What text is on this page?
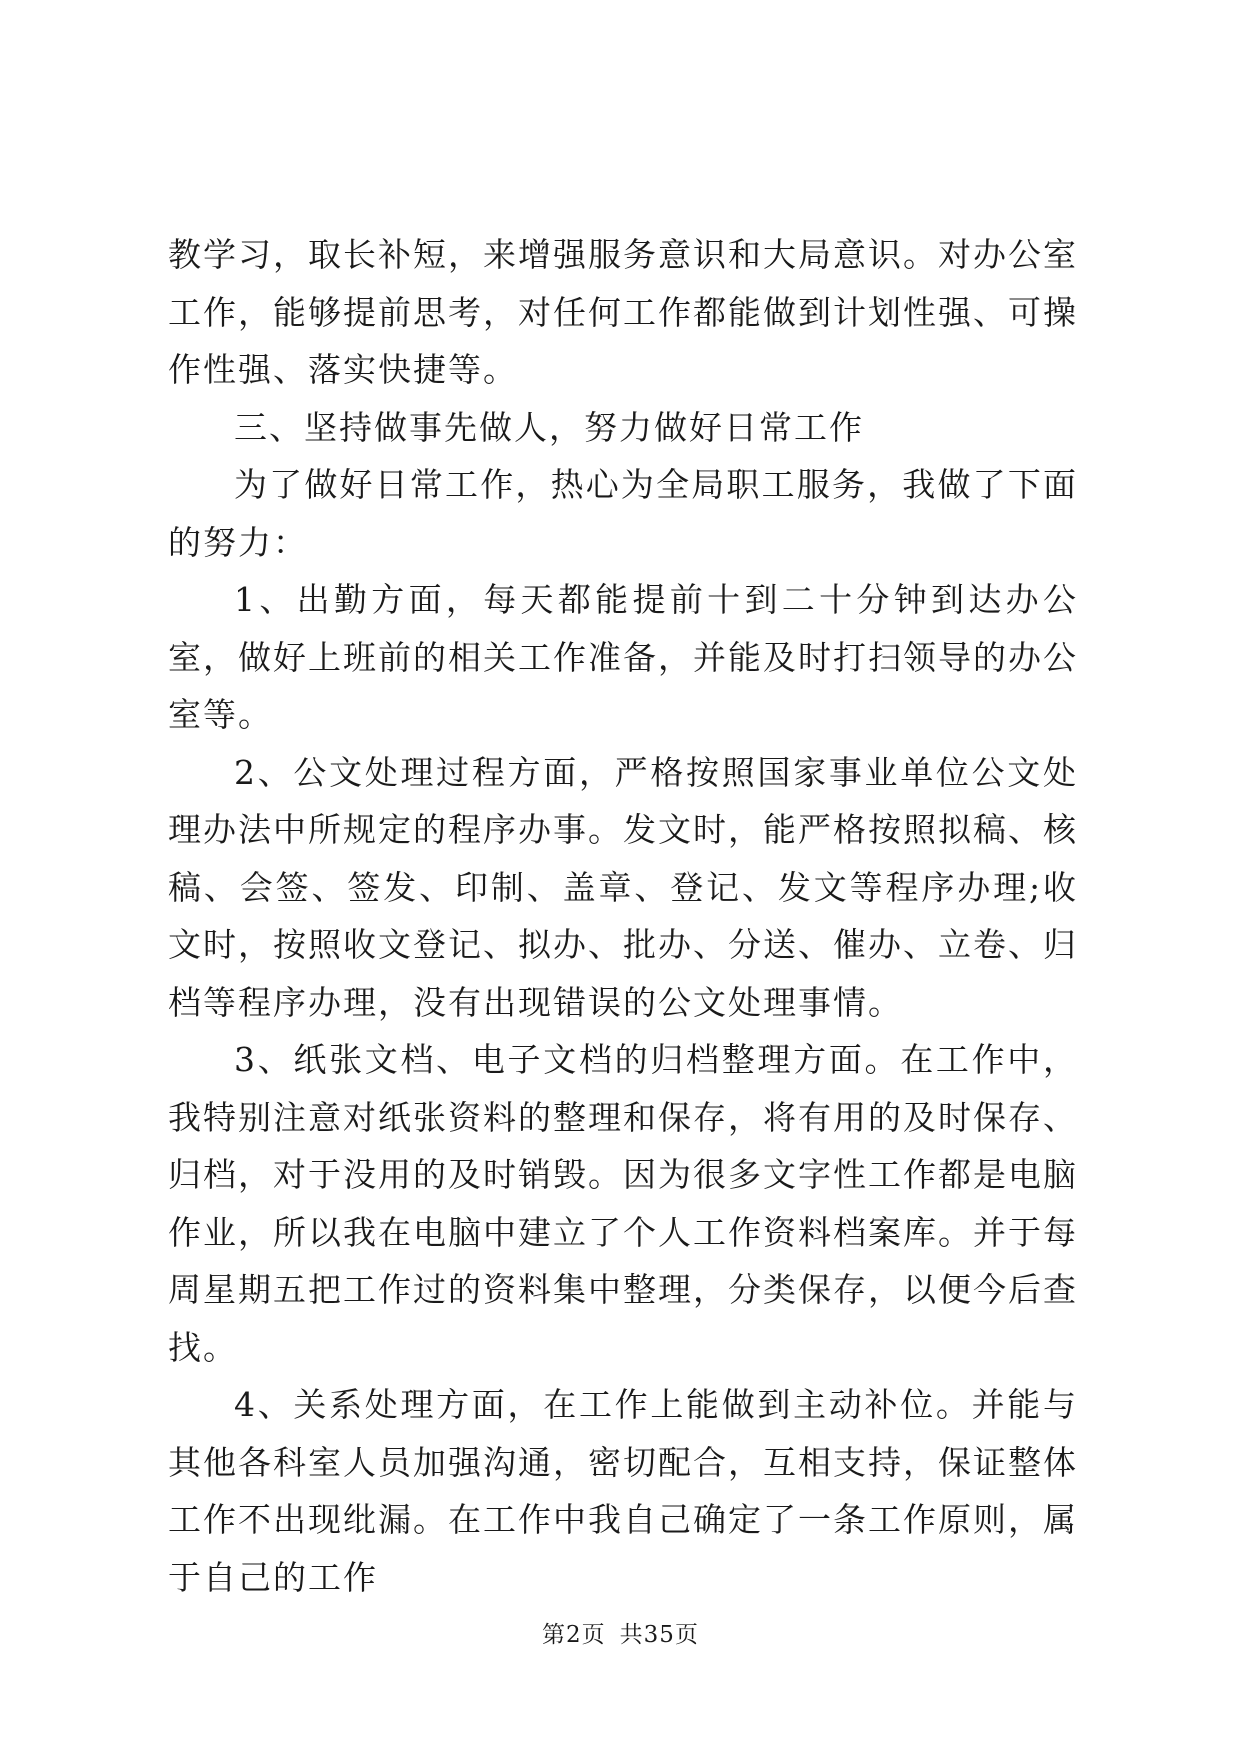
教学习，取长补短，来增强服务意识和大局意识。对办公室工作，能够提前思考，对任何工作都能做到计划性强、可操作性强、落实快捷等。

三、坚持做事先做人，努力做好日常工作

为了做好日常工作，热心为全局职工服务，我做了下面的努力：

1、出勤方面，每天都能提前十到二十分钟到达办公室，做好上班前的相关工作准备，并能及时打扫领导的办公室等。

2、公文处理过程方面，严格按照国家事业单位公文处理办法中所规定的程序办事。发文时，能严格按照拟稿、核稿、会签、签发、印制、盖章、登记、发文等程序办理;收文时，按照收文登记、拟办、批办、分送、催办、立卷、归档等程序办理，没有出现错误的公文处理事情。

3、纸张文档、电子文档的归档整理方面。在工作中，我特别注意对纸张资料的整理和保存，将有用的及时保存、归档，对于没用的及时销毁。因为很多文字性工作都是电脑作业，所以我在电脑中建立了个人工作资料档案库。并于每周星期五把工作过的资料集中整理，分类保存，以便今后查找。

4、关系处理方面，在工作上能做到主动补位。并能与其他各科室人员加强沟通，密切配合，互相支持，保证整体工作不出现纰漏。在工作中我自己确定了一条工作原则，属于自己的工作

第2页 共35页
